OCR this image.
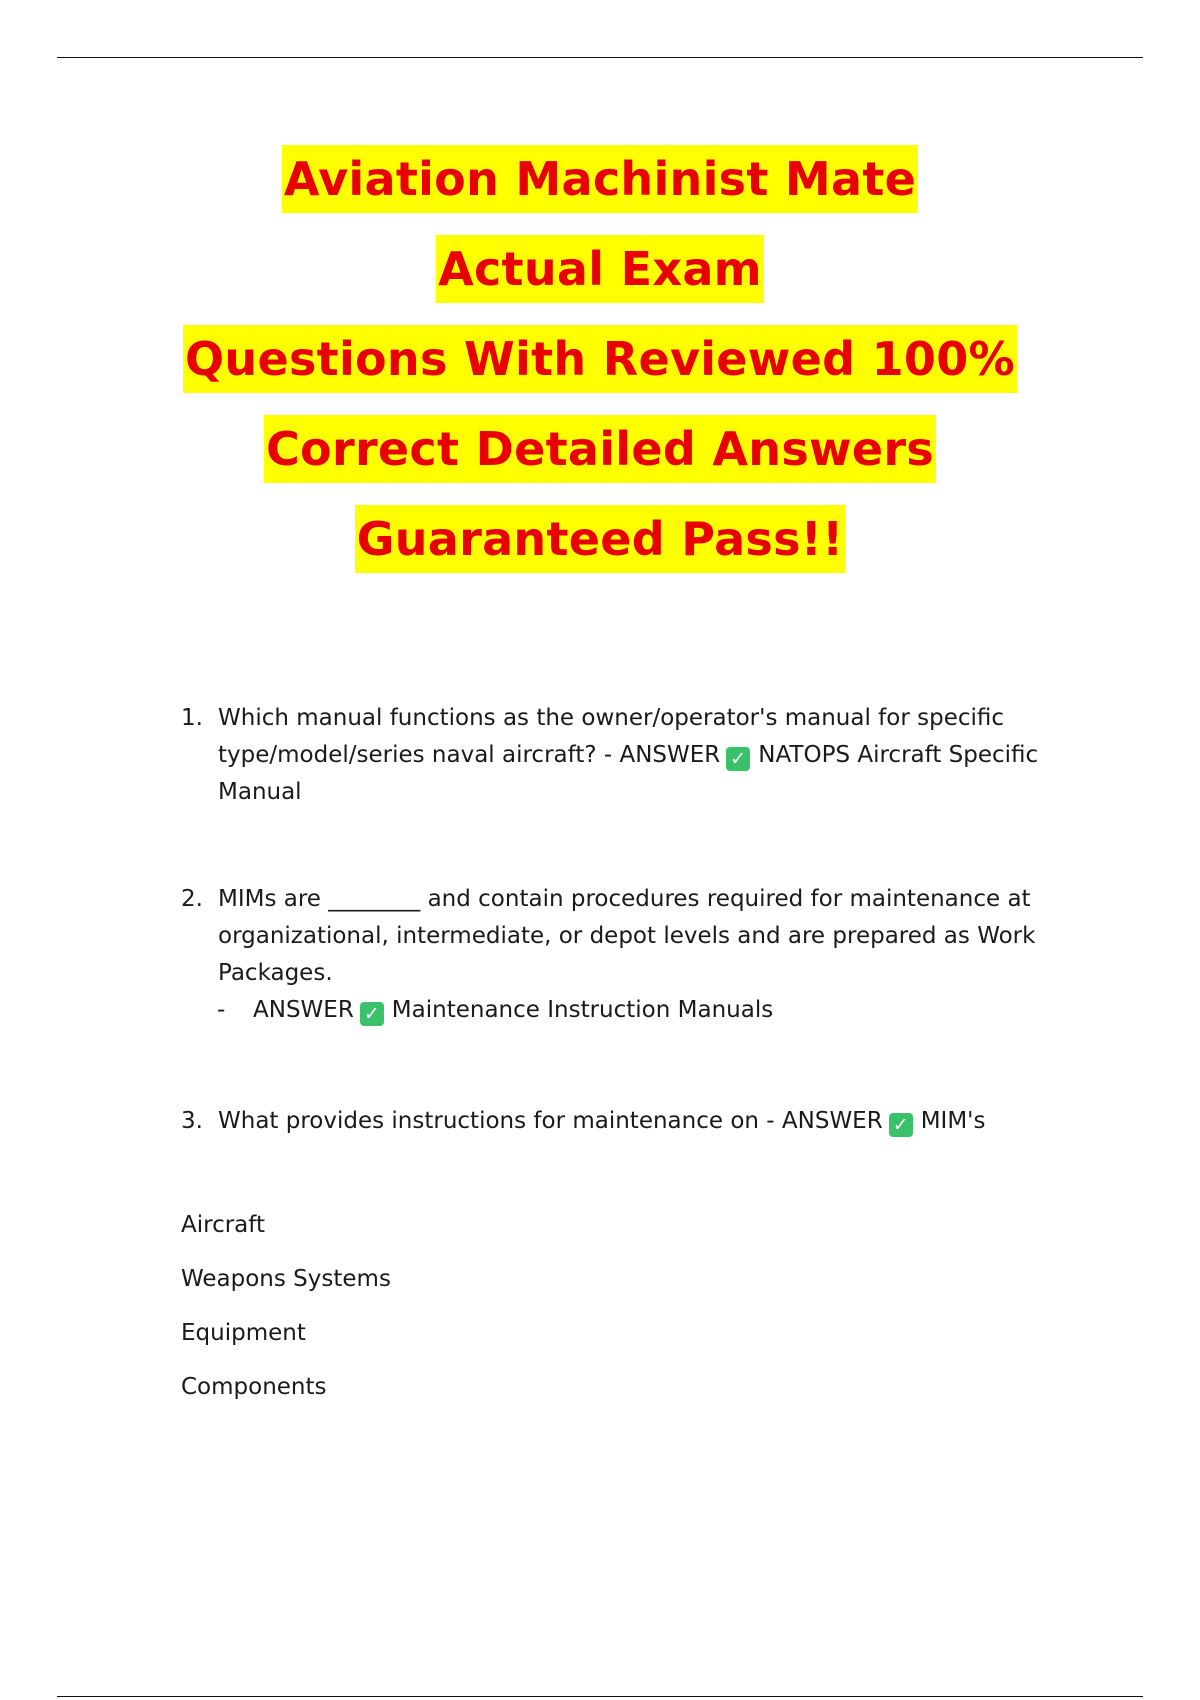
Aviation Machinist Mate
Actual Exam
Questions With Reviewed 100%
Correct Detailed Answers
Guaranteed Pass!!
1. Which manual functions as the owner/operator's manual for specific type/model/series naval aircraft? - ANSWER ✓ NATOPS Aircraft Specific Manual
2. MIMs are ________ and contain procedures required for maintenance at organizational, intermediate, or depot levels and are prepared as Work Packages.
- ANSWER ✓ Maintenance Instruction Manuals
3. What provides instructions for maintenance on - ANSWER ✓ MIM's
Aircraft
Weapons Systems
Equipment
Components
